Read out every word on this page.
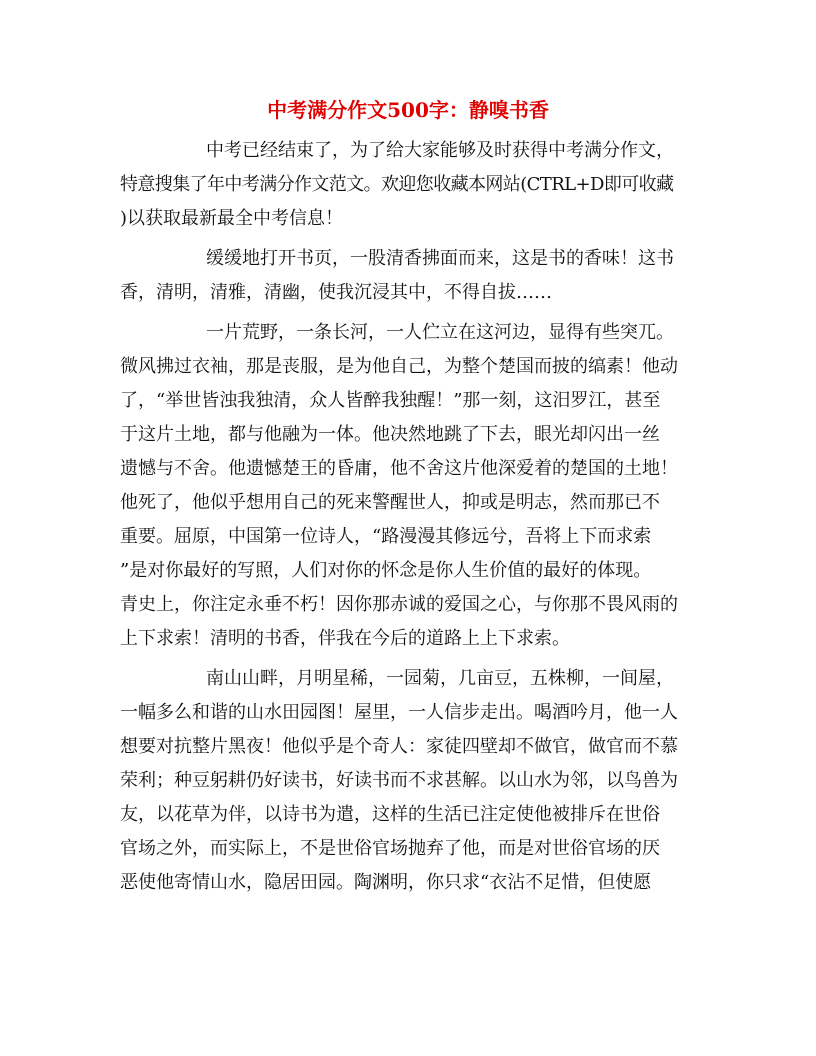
中考满分作文500字：静嗅书香
中考已经结束了，为了给大家能够及时获得中考满分作文，
特意搜集了年中考满分作文范文。欢迎您收藏本网站(CTRL+D即可收藏
)以获取最新最全中考信息！
缓缓地打开书页，一股清香拂面而来，这是书的香味！这书
香，清明，清雅，清幽，使我沉浸其中，不得自拔……
一片荒野，一条长河，一人伫立在这河边，显得有些突兀。
微风拂过衣袖，那是丧服，是为他自己，为整个楚国而披的缟素！他动
了，“举世皆浊我独清，众人皆醉我独醒！”那一刻，这汨罗江，甚至
于这片土地，都与他融为一体。他决然地跳了下去，眼光却闪出一丝
遗憾与不舍。他遗憾楚王的昏庸，他不舍这片他深爱着的楚国的土地！
他死了，他似乎想用自己的死来警醒世人，抑或是明志，然而那已不
重要。屈原，中国第一位诗人，“路漫漫其修远兮，吾将上下而求索
”是对你最好的写照，人们对你的怀念是你人生价值的最好的体现。
青史上，你注定永垂不朽！因你那赤诚的爱国之心，与你那不畏风雨的
上下求索！清明的书香，伴我在今后的道路上上下求索。
南山山畔，月明星稀，一园菊，几亩豆，五株柳，一间屋，
一幅多么和谐的山水田园图！屋里，一人信步走出。喝酒吟月，他一人
想要对抗整片黑夜！他似乎是个奇人：家徒四壁却不做官，做官而不慕
荣利；种豆躬耕仍好读书，好读书而不求甚解。以山水为邻，以鸟兽为
友，以花草为伴，以诗书为遣，这样的生活已注定使他被排斥在世俗
官场之外，而实际上，不是世俗官场抛弃了他，而是对世俗官场的厌
恶使他寄情山水，隐居田园。陶渊明，你只求“衣沾不足惜，但使愿
